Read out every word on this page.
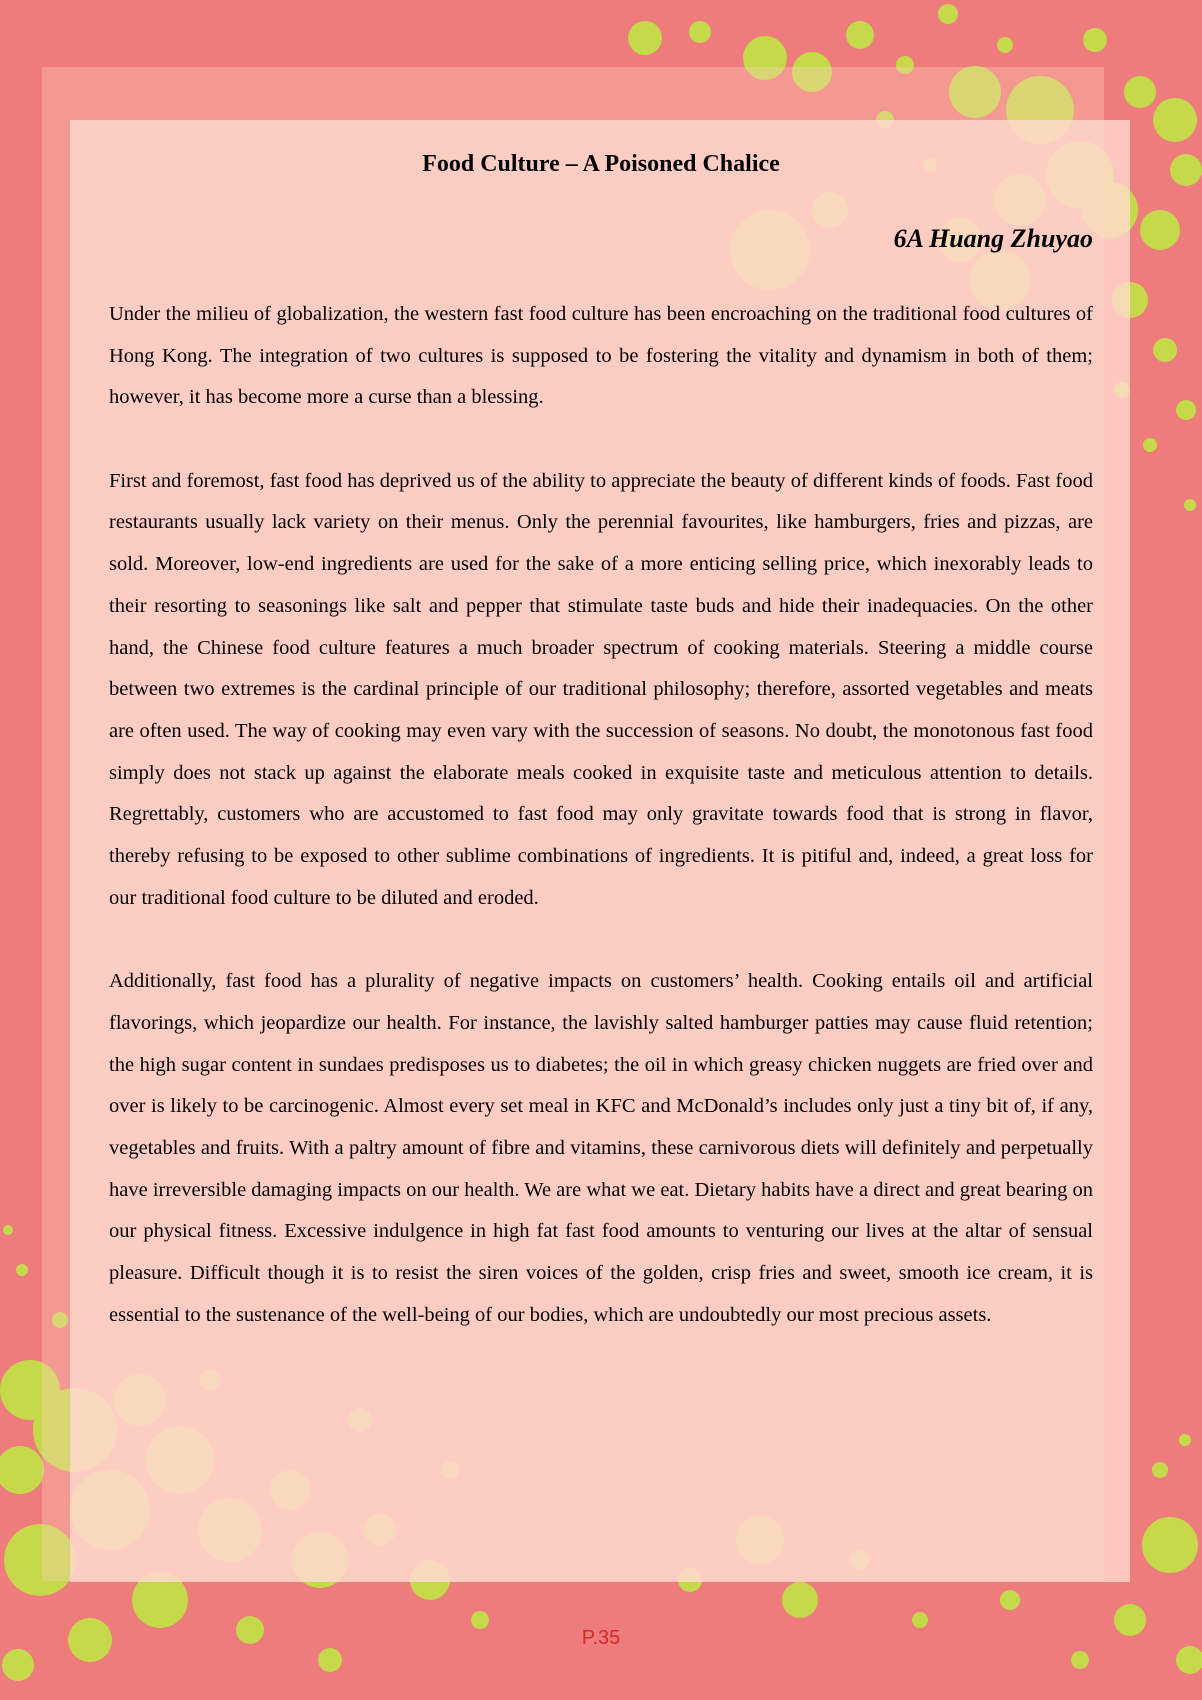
Food Culture – A Poisoned Chalice
6A Huang Zhuyao

Under the milieu of globalization, the western fast food culture has been encroaching on the traditional food cultures of Hong Kong. The integration of two cultures is supposed to be fostering the vitality and dynamism in both of them; however, it has become more a curse than a blessing.

First and foremost, fast food has deprived us of the ability to appreciate the beauty of different kinds of foods. Fast food restaurants usually lack variety on their menus. Only the perennial favourites, like hamburgers, fries and pizzas, are sold. Moreover, low-end ingredients are used for the sake of a more enticing selling price, which inexorably leads to their resorting to seasonings like salt and pepper that stimulate taste buds and hide their inadequacies. On the other hand, the Chinese food culture features a much broader spectrum of cooking materials. Steering a middle course between two extremes is the cardinal principle of our traditional philosophy; therefore, assorted vegetables and meats are often used. The way of cooking may even vary with the succession of seasons. No doubt, the monotonous fast food simply does not stack up against the elaborate meals cooked in exquisite taste and meticulous attention to details. Regrettably, customers who are accustomed to fast food may only gravitate towards food that is strong in flavor, thereby refusing to be exposed to other sublime combinations of ingredients. It is pitiful and, indeed, a great loss for our traditional food culture to be diluted and eroded.

Additionally, fast food has a plurality of negative impacts on customers’ health. Cooking entails oil and artificial flavorings, which jeopardize our health. For instance, the lavishly salted hamburger patties may cause fluid retention; the high sugar content in sundaes predisposes us to diabetes; the oil in which greasy chicken nuggets are fried over and over is likely to be carcinogenic. Almost every set meal in KFC and McDonald’s includes only just a tiny bit of, if any, vegetables and fruits. With a paltry amount of fibre and vitamins, these carnivorous diets will definitely and perpetually have irreversible damaging impacts on our health. We are what we eat. Dietary habits have a direct and great bearing on our physical fitness. Excessive indulgence in high fat fast food amounts to venturing our lives at the altar of sensual pleasure. Difficult though it is to resist the siren voices of the golden, crisp fries and sweet, smooth ice cream, it is essential to the sustenance of the well-being of our bodies, which are undoubtedly our most precious assets.

P.35
